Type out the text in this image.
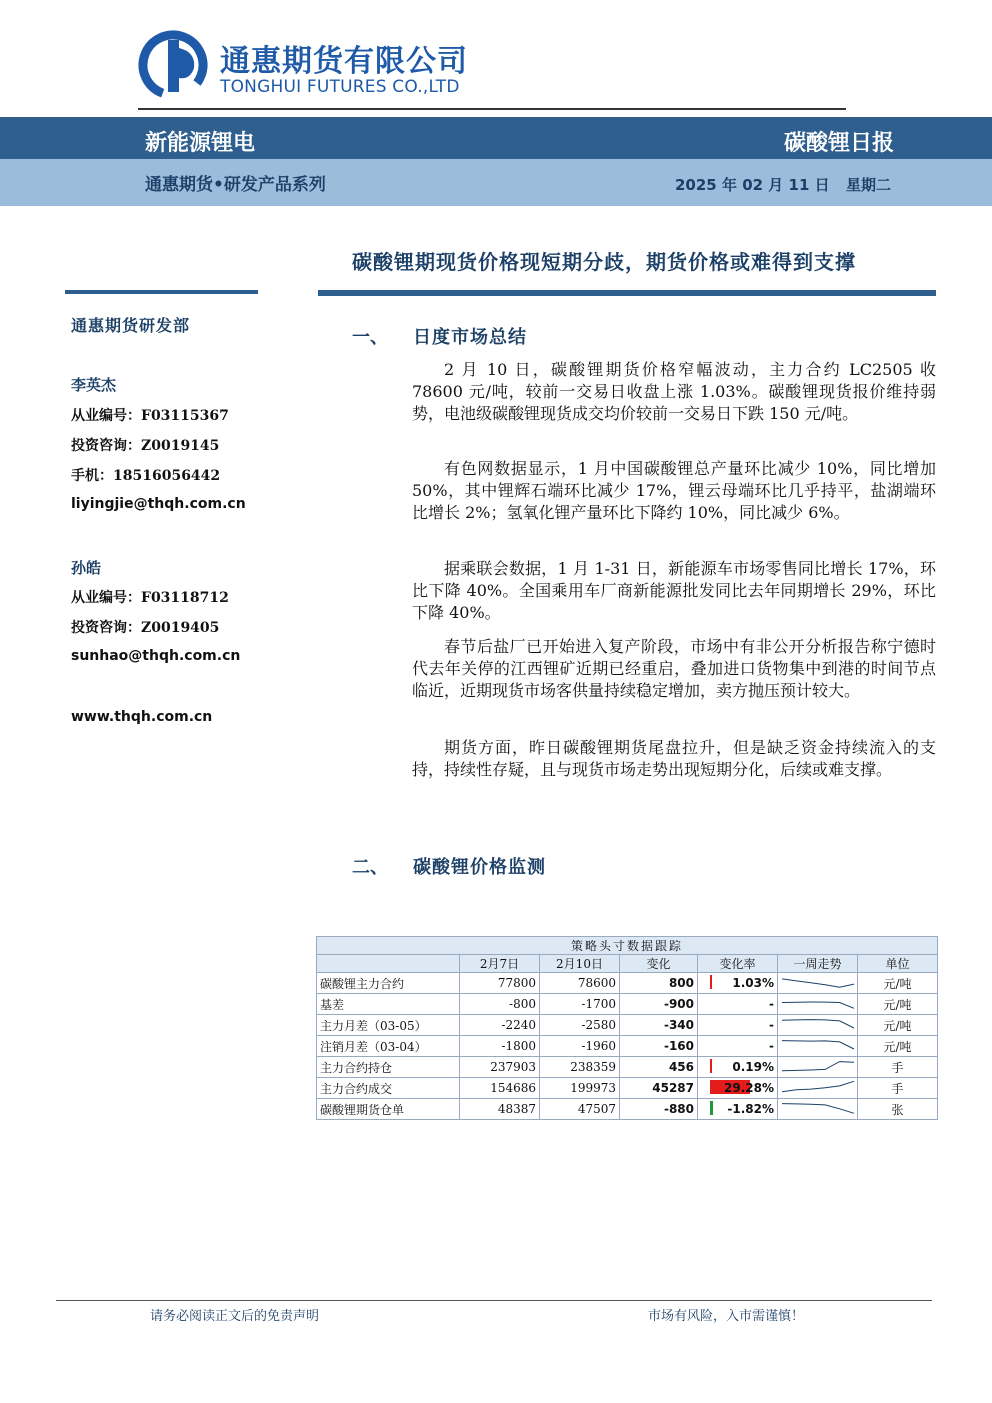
通惠期货有限公司
TONGHUI FUTURES CO.,LTD
新能源锂电	碳酸锂日报
通惠期货•研发产品系列	2025 年 02 月 11 日 星期二
碳酸锂期现货价格现短期分歧，期货价格或难得到支撑
通惠期货研发部
李英杰
从业编号：F03115367
投资咨询：Z0019145
手机：18516056442
liyingjie@thqh.com.cn
孙皓
从业编号：F03118712
投资咨询：Z0019405
sunhao@thqh.com.cn
www.thqh.com.cn
一、 日度市场总结

2 月 10 日，碳酸锂期货价格窄幅波动，主力合约 LC2505 收 78600 元/吨，较前一交易日收盘上涨 1.03%。碳酸锂现货报价维持弱势，电池级碳酸锂现货成交均价较前一交易日下跌 150 元/吨。

有色网数据显示，1 月中国碳酸锂总产量环比减少 10%，同比增加 50%，其中锂辉石端环比减少 17%，锂云母端环比几乎持平，盐湖端环比增长 2%；氢氧化锂产量环比下降约 10%，同比减少 6%。

据乘联会数据，1 月 1-31 日，新能源车市场零售同比增长 17%，环比下降 40%。全国乘用车厂商新能源批发同比去年同期增长 29%，环比下降 40%。

春节后盐厂已开始进入复产阶段，市场中有非公开分析报告称宁德时代去年关停的江西锂矿近期已经重启，叠加进口货物集中到港的时间节点临近，近期现货市场客供量持续稳定增加，卖方抛压预计较大。

期货方面，昨日碳酸锂期货尾盘拉升，但是缺乏资金持续流入的支持，持续性存疑，且与现货市场走势出现短期分化，后续或难支撑。

二、 碳酸锂价格监测
策略头寸数据跟踪						
	2月7日	2月10日	变化	变化率	一周走势	单位
碳酸锂主力合约	77800	78600	800	1.03%		元/吨
基差	-800	-1700	-900	-		元/吨
主力月差（03-05）	-2240	-2580	-340	-		元/吨
注销月差（03-04）	-1800	-1960	-160	-		元/吨
主力合约持仓	237903	238359	456	0.19%		手
主力合约成交	154686	199973	45287	29.28%		手
碳酸锂期货仓单	48387	47507	-880	-1.82%		张
请务必阅读正文后的免责声明	市场有风险，入市需谨慎！
